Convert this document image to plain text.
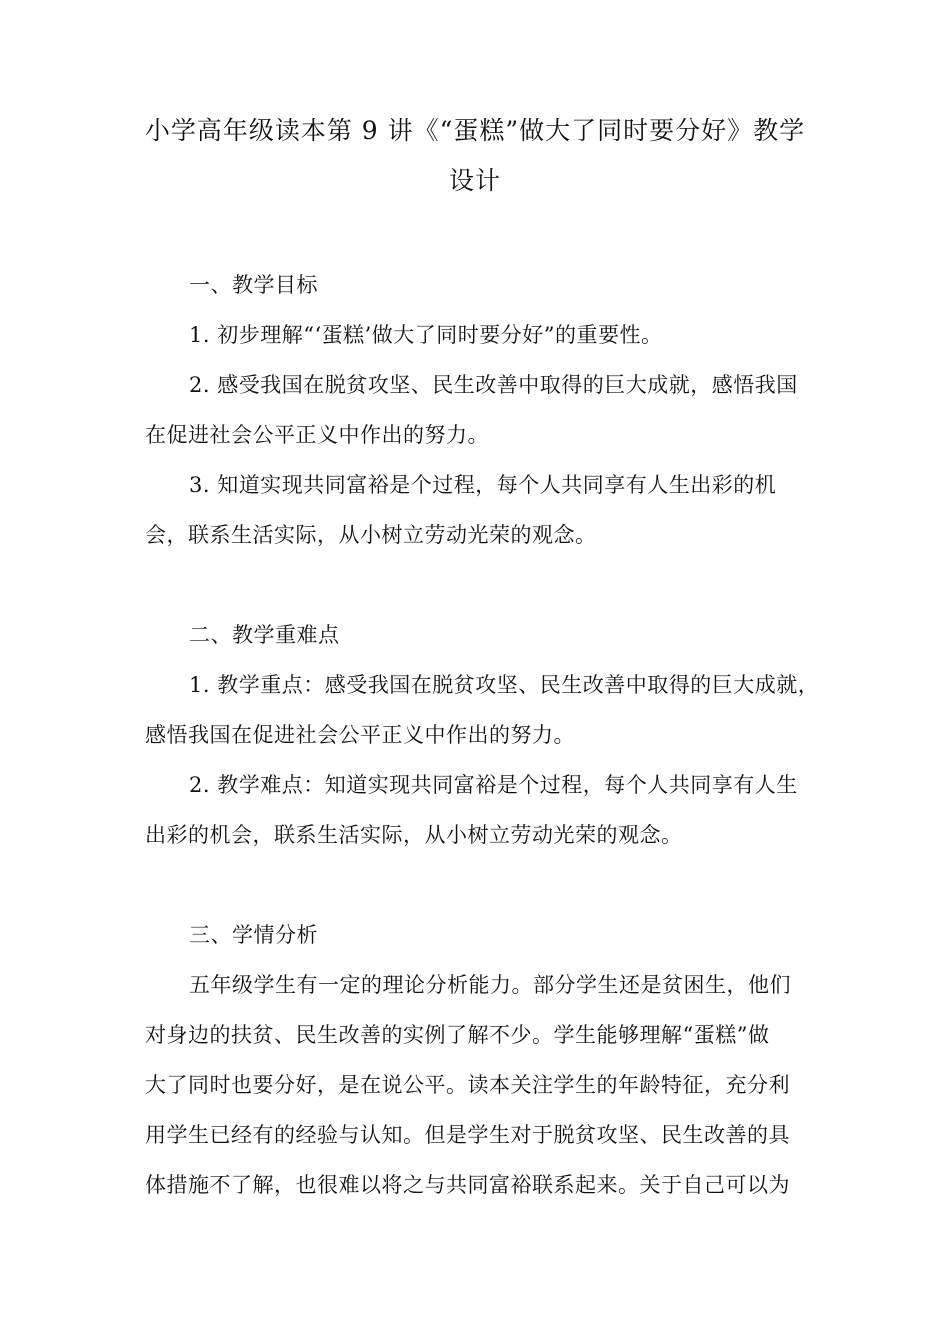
小学高年级读本第 9 讲《“蛋糕”做大了同时要分好》教学
设计
一、教学目标
1. 初步理解“‘蛋糕’做大了同时要分好”的重要性。
2. 感受我国在脱贫攻坚、民生改善中取得的巨大成就，感悟我国
在促进社会公平正义中作出的努力。
3. 知道实现共同富裕是个过程，每个人共同享有人生出彩的机
会，联系生活实际，从小树立劳动光荣的观念。
二、教学重难点
1. 教学重点：感受我国在脱贫攻坚、民生改善中取得的巨大成就，
感悟我国在促进社会公平正义中作出的努力。
2. 教学难点：知道实现共同富裕是个过程，每个人共同享有人生
出彩的机会，联系生活实际，从小树立劳动光荣的观念。
三、学情分析
五年级学生有一定的理论分析能力。部分学生还是贫困生，他们
对身边的扶贫、民生改善的实例了解不少。学生能够理解“蛋糕”做
大了同时也要分好，是在说公平。读本关注学生的年龄特征，充分利
用学生已经有的经验与认知。但是学生对于脱贫攻坚、民生改善的具
体措施不了解，也很难以将之与共同富裕联系起来。关于自己可以为
